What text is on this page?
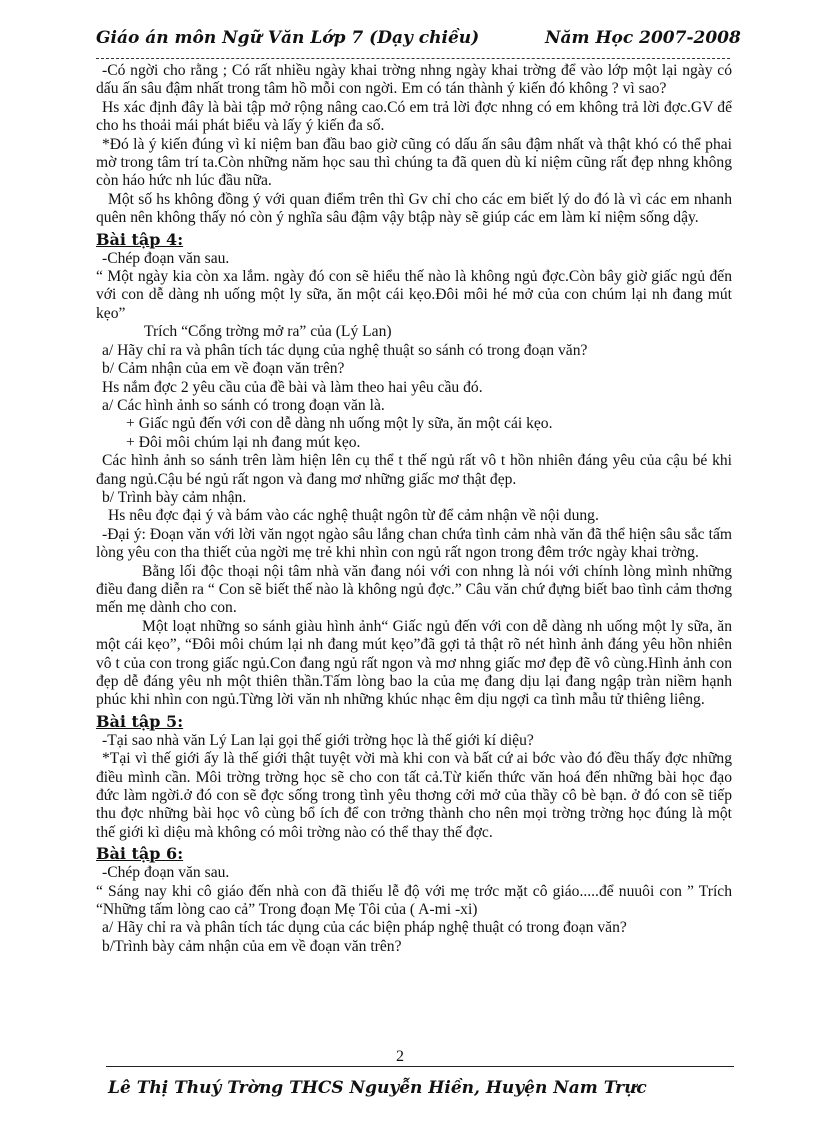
Giáo án môn Ngữ Văn Lớp 7 (Dạy chiều)	Năm Học 2007-2008

-Có ngời cho rằng ; Có rất nhiều ngày khai trờng nhng ngày khai trờng để vào lớp một lại ngày có dấu ấn sâu đậm nhất trong tâm hồ mỗi con ngời. Em có tán thành ý kiến đó không ? vì sao?

Hs xác định đây là bài tập mở rộng nâng cao.Có em trả lời đợc nhng có em không trả lời đợc.GV để cho hs thoải mái phát biểu và lấy ý kiến đa số.

*Đó là ý kiến đúng vì kỉ niệm ban đầu bao giờ cũng có dấu ấn sâu đậm nhất và thật khó có thể phai mờ trong tâm trí ta.Còn những năm học sau thì chúng ta đã quen dù kỉ niệm cũng rất đẹp nhng không còn háo hức nh lúc đầu nữa.

Một số hs không đồng ý với quan điểm trên thì Gv chỉ cho các em biết lý do đó là vì các em nhanh quên nên không thấy nó còn ý nghĩa sâu đậm vậy btập này sẽ giúp các em làm kỉ niệm sống dậy.

Bài tập 4:

-Chép đoạn văn sau.

“ Một ngày kia còn xa lắm. ngày đó con sẽ hiểu thế nào là không ngủ đợc.Còn bây giờ giấc ngủ đến với con dễ dàng nh uống một ly sữa, ăn một cái kẹo.Đôi môi hé mở của con chúm lại nh đang mút kẹo”

Trích “Cổng trờng mở ra” của (Lý Lan)

a/ Hãy chỉ ra và phân tích tác dụng của nghệ thuật so sánh có trong đoạn văn?

b/ Cảm nhận của em về đoạn văn trên?

Hs nắm đợc 2 yêu cầu của đề bài và làm theo hai yêu cầu đó.

a/ Các hình ảnh so sánh có trong đoạn văn là.

+ Giấc ngủ đến với con dễ dàng nh uống một ly sữa, ăn một cái kẹo.

+ Đôi môi chúm lại nh đang mút kẹo.

Các hình ảnh so sánh trên làm hiện lên cụ thể t thế ngủ rất vô t hồn nhiên đáng yêu của cậu bé khi đang ngủ.Cậu bé ngủ rất ngon và đang mơ những giấc mơ thật đẹp.

b/ Trình bày cảm nhận.

Hs nêu đợc đại ý và bám vào các nghệ thuật ngôn từ để cảm nhận về nội dung.

-Đại ý: Đoạn văn với lời văn ngọt ngào sâu lắng chan chứa tình cảm nhà văn đã thể hiện sâu sắc tấm lòng yêu con tha thiết của ngời mẹ trẻ khi nhìn con ngủ rất ngon trong đêm trớc ngày khai trờng.

Bằng lối độc thoại nội tâm nhà văn đang nói với con nhng là nói với chính lòng mình những điều đang diễn ra “ Con sẽ biết thế nào là không ngủ đợc.” Câu văn chứ đựng biết bao tình cảm thơng mến mẹ dành cho con.

Một loạt những so sánh giàu hình ảnh“ Giấc ngủ đến với con dễ dàng nh uống một ly sữa, ăn một cái kẹo”, “Đôi môi chúm lại nh đang mút kẹo”đã gợi tả thật rõ nét hình ảnh đáng yêu hồn nhiên vô t của con trong giấc ngủ.Con đang ngủ rất ngon và mơ nhng giấc mơ đẹp đẽ vô cùng.Hình ảnh con đẹp dễ đáng yêu nh một thiên thần.Tấm lòng bao la của mẹ đang dịu lại đang ngập tràn niềm hạnh phúc khi nhìn con ngủ.Từng lời văn nh những khúc nhạc êm dịu ngợi ca tình mẫu tử thiêng liêng.

Bài tập 5:

-Tại sao nhà văn Lý Lan lại gọi thế giới trờng học là thế giới kí diệu?

*Tại vì thế giới ấy là thế giới thật tuyệt vời mà khi con và bất cứ ai bớc vào đó đều thấy đợc những điều mình cần. Môi trờng trờng học sẽ cho con tất cả.Từ kiến thức văn hoá đến những bài học đạo đức làm ngời.ở đó con sẽ đợc sống trong tình yêu thơng cởi mở của thầy cô bè bạn. ở đó con sẽ tiếp thu đợc những bài học vô cùng bổ ích để con trởng thành cho nên mọi trờng trờng học đúng là một thế giới kì diệu mà không có môi trờng nào có thể thay thế đợc.

Bài tập 6:

-Chép đoạn văn sau.

“ Sáng nay khi cô giáo đến nhà con đã thiếu lễ độ với mẹ trớc mặt cô giáo.....để nuuôi con ” Trích “Những tấm lòng cao cả” Trong đoạn Mẹ Tôi của ( A-mi -xi)

a/ Hãy chỉ ra và phân tích tác dụng của các biện pháp nghệ thuật có trong đoạn văn?

b/Trình bày cảm nhận của em về đoạn văn trên?

2
Lê Thị Thuý Trờng THCS Nguyễn Hiền, Huyện Nam Trực
